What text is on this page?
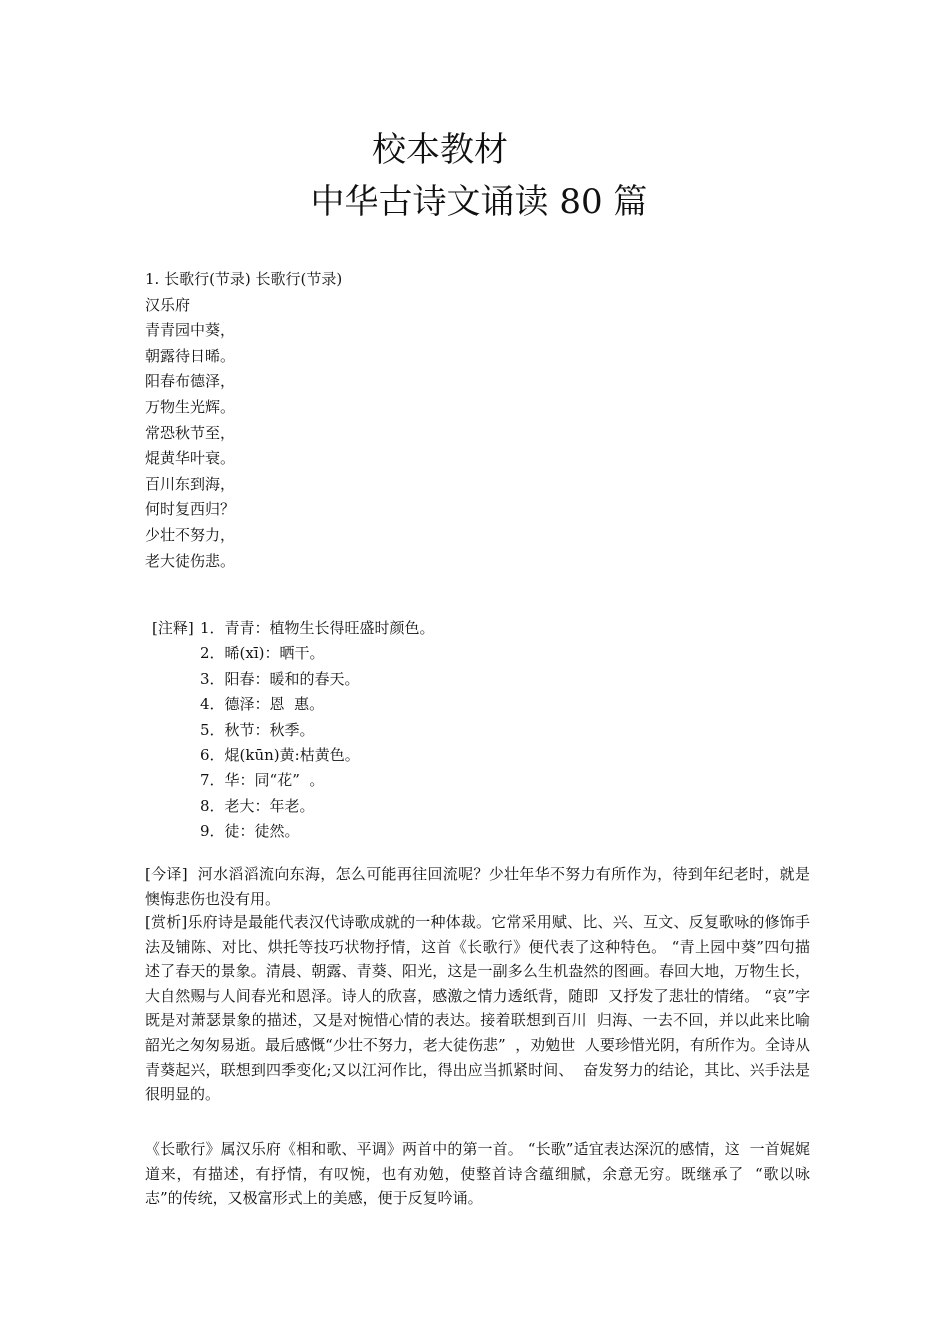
校本教材
中华古诗文诵读 80 篇
1. 长歌行(节录) 长歌行(节录)
汉乐府
青青园中葵，
朝露待日晞。
阳春布德泽，
万物生光辉。
常恐秋节至，
焜黄华叶衰。
百川东到海，
何时复西归？
少壮不努力，
老大徒伤悲。
[注释] 1．青青：植物生长得旺盛时颜色。
2．晞(xī)：晒干。
3．阳春：暖和的春天。
4．德泽：恩  惠。
5．秋节：秋季。
6．焜(kūn)黄:枯黄色。
7．华：同“花”  。
8．老大：年老。
9．徒：徒然。
[今译]  河水滔滔流向东海，怎么可能再往回流呢？少壮年华不努力有所作为，待到年纪老时，就是  懊悔悲伤也没有用。
[赏析]乐府诗是最能代表汉代诗歌成就的一种体裁。它常采用赋、比、兴、互文、反复歌咏的修饰手法及铺陈、对比、烘托等技巧状物抒情，这首《长歌行》便代表了这种特色。 “青上园中葵”四句描述了春天的景象。清晨、朝露、青葵、阳光，这是一副多么生机盎然的图画。春回大地，万物生长，大自然赐与人间春光和恩泽。诗人的欣喜，感激之情力透纸背，随即  又抒发了悲壮的情绪。 “哀”字既是对萧瑟景象的描述，又是对惋惜心情的表达。接着联想到百川  归海、一去不回，并以此来比喻韶光之匆匆易逝。最后感慨“少壮不努力，老大徒伤悲”  ，劝勉世  人要珍惜光阴，有所作为。全诗从青葵起兴，联想到四季变化;又以江河作比，得出应当抓紧时间、  奋发努力的结论，其比、兴手法是很明显的。
《长歌行》属汉乐府《相和歌、平调》两首中的第一首。 “长歌”适宜表达深沉的感情，这  一首娓娓道来，有描述，有抒情，有叹惋，也有劝勉，使整首诗含蕴细腻，余意无穷。既继承了  “歌以咏志”的传统，又极富形式上的美感，便于反复吟诵。
